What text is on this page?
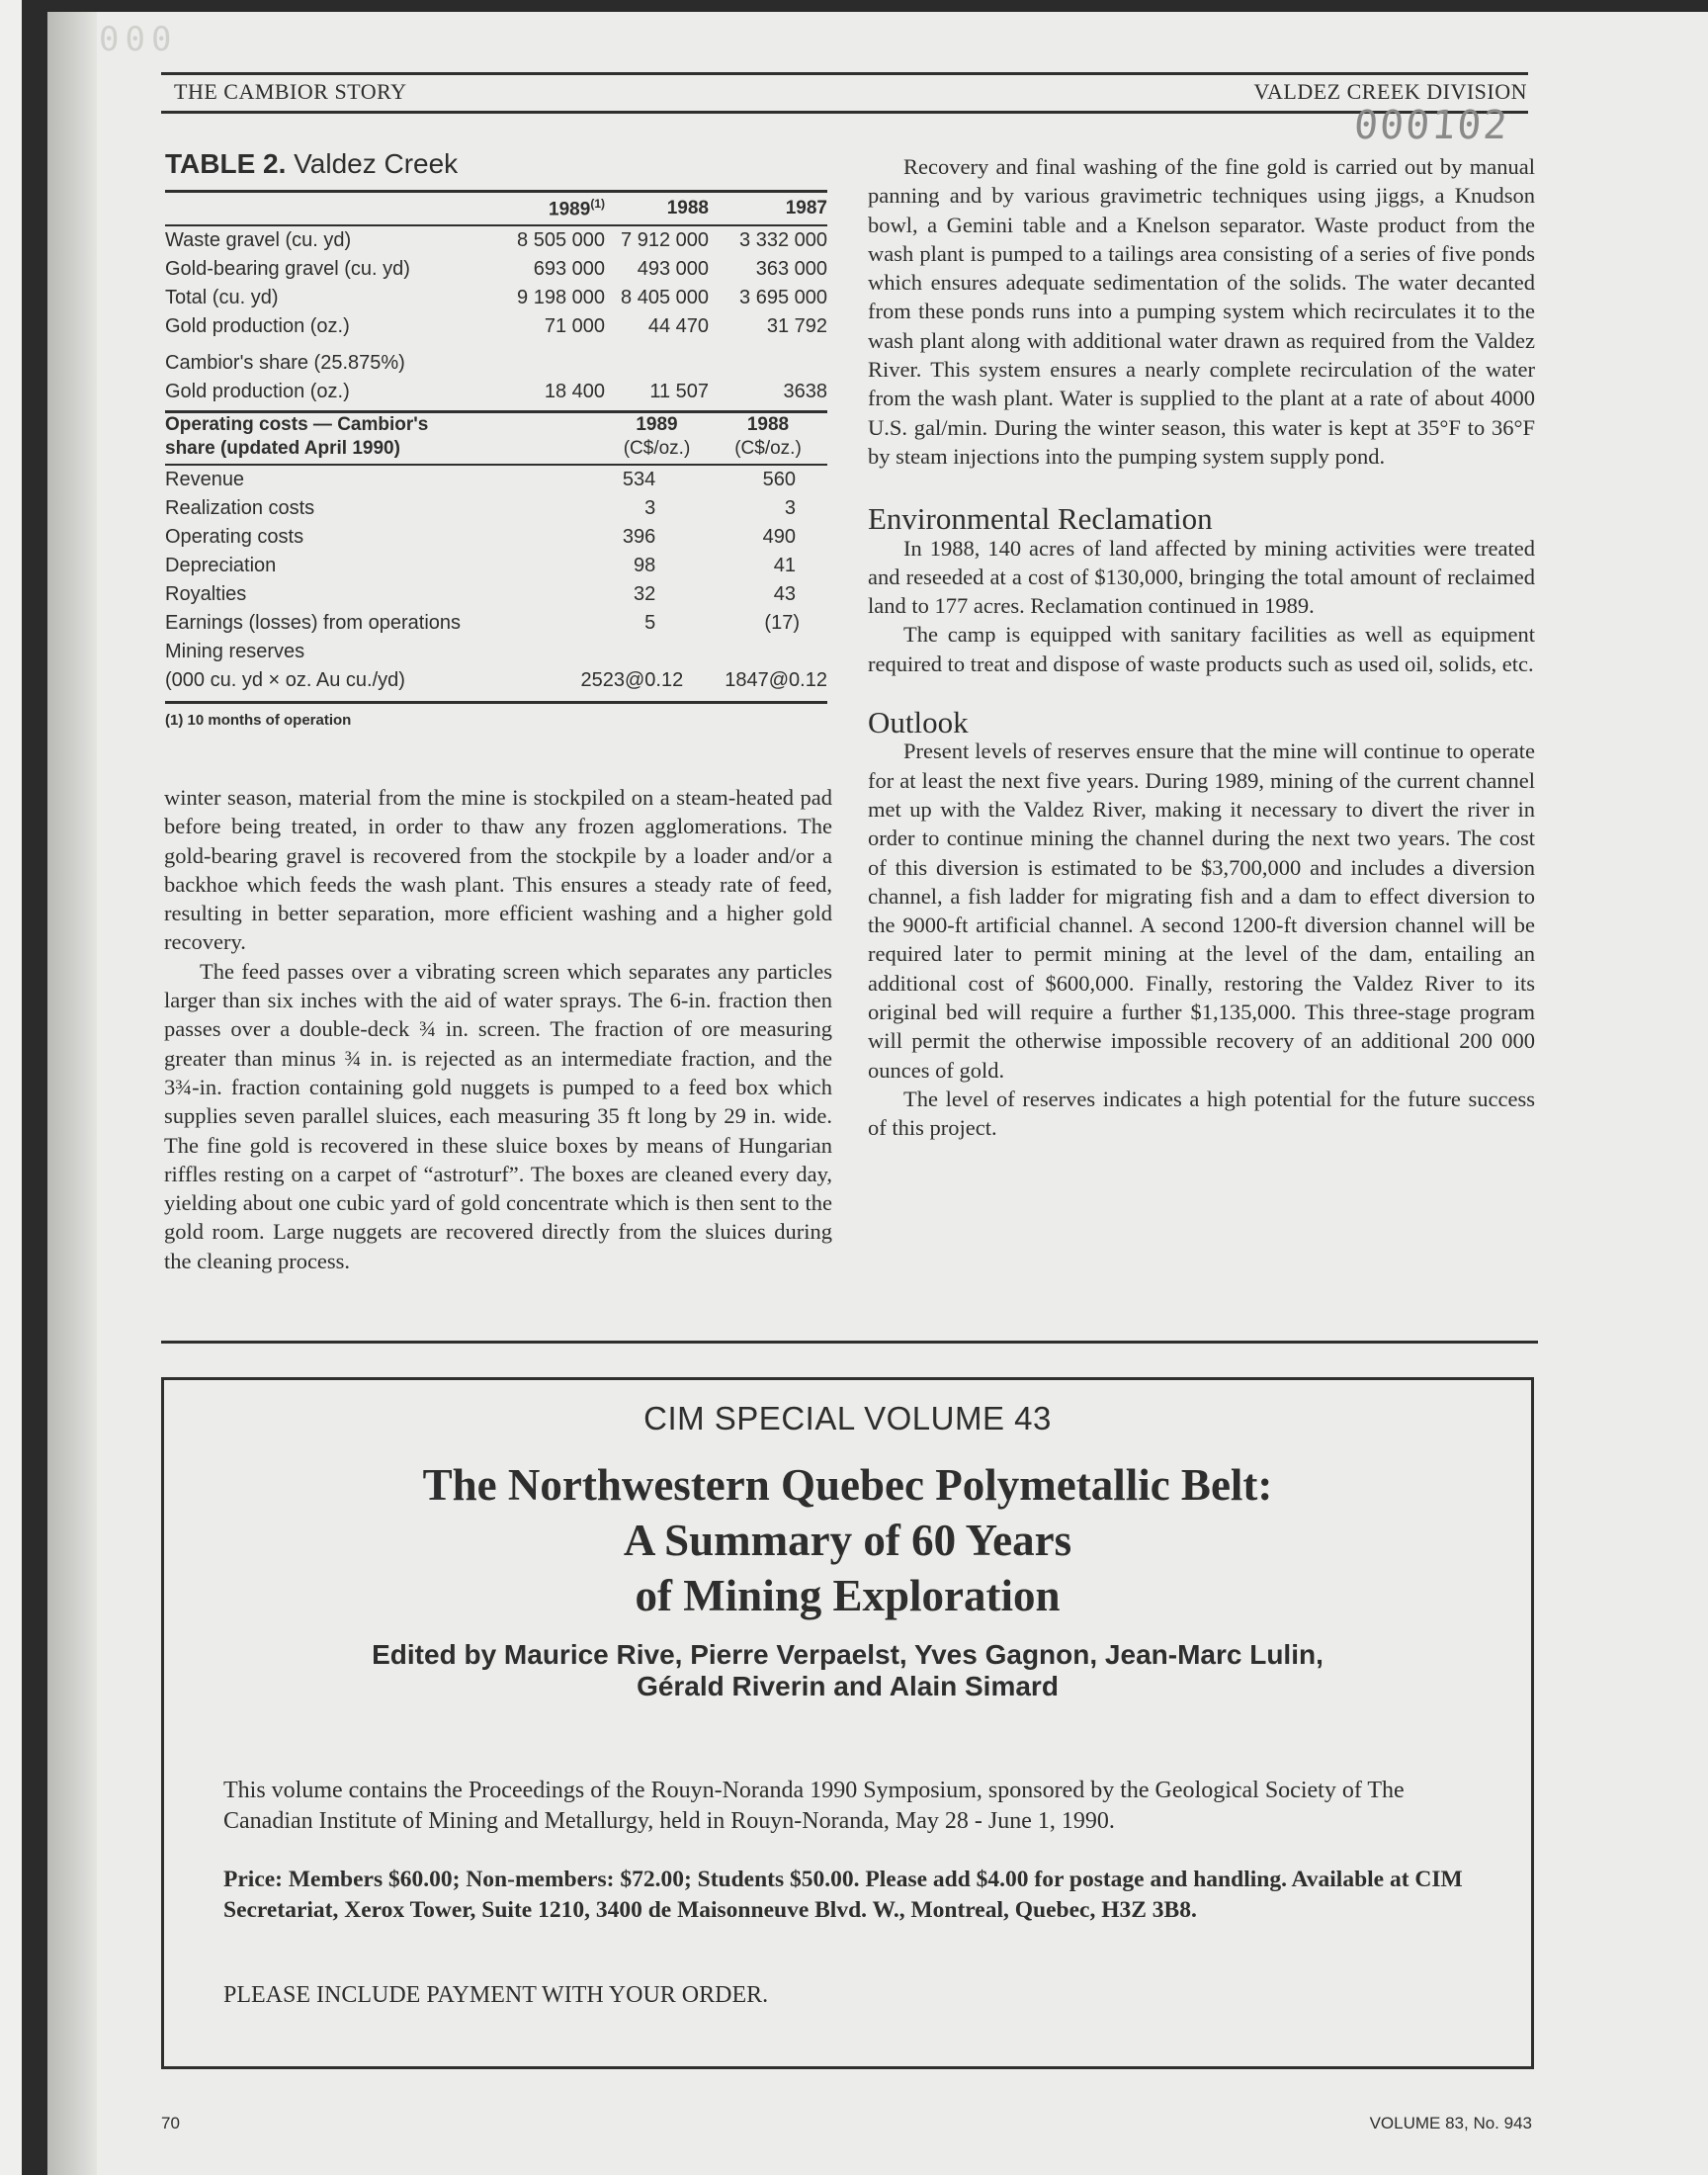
000
THE CAMBIOR STORY	VALDEZ CREEK DIVISION
000102
TABLE 2. Valdez Creek
	1989$^{(1)}$	1988	1987
Waste gravel (cu. yd)	8 505 000	7 912 000	3 332 000
Gold-bearing gravel (cu. yd)	693 000	493 000	363 000
Total (cu. yd)	9 198 000	8 405 000	3 695 000
Gold production (oz.)	71 000	44 470	31 792

Cambior's share (25.875%)			
Gold production (oz.)	18 400	11 507	3638
Operating costs — Cambior's		1989	1988
share (updated April 1990)		(C$/oz.)	(C$/oz.)
Revenue		534	560
Realization costs		3	3
Operating costs		396	490
Depreciation		98	41
Royalties		32	43
Earnings (losses) from operations		5	(17)
Mining reserves			
(000 cu. yd × oz. Au cu./yd)		2523@0.12	1847@0.12
(1) 10 months of operation

winter season, material from the mine is stockpiled on a steam-heated pad before being treated, in order to thaw any frozen agglomerations. The gold-bearing gravel is recovered from the stockpile by a loader and/or a backhoe which feeds the wash plant. This ensures a steady rate of feed, resulting in better separation, more efficient washing and a higher gold recovery.

The feed passes over a vibrating screen which separates any particles larger than six inches with the aid of water sprays. The 6-in. fraction then passes over a double-deck ¾ in. screen. The fraction of ore measuring greater than minus ¾ in. is rejected as an intermediate fraction, and the 3¾-in. fraction containing gold nuggets is pumped to a feed box which supplies seven parallel sluices, each measuring 35 ft long by 29 in. wide. The fine gold is recovered in these sluice boxes by means of Hungarian riffles resting on a carpet of “astroturf”. The boxes are cleaned every day, yielding about one cubic yard of gold concentrate which is then sent to the gold room. Large nuggets are recovered directly from the sluices during the cleaning process.

Recovery and final washing of the fine gold is carried out by manual panning and by various gravimetric techniques using jiggs, a Knudson bowl, a Gemini table and a Knelson separator. Waste product from the wash plant is pumped to a tailings area consisting of a series of five ponds which ensures adequate sedimentation of the solids. The water decanted from these ponds runs into a pumping system which recirculates it to the wash plant along with additional water drawn as required from the Valdez River. This system ensures a nearly complete recirculation of the water from the wash plant. Water is supplied to the plant at a rate of about 4000 U.S. gal/min. During the winter season, this water is kept at 35°F to 36°F by steam injections into the pumping system supply pond.

Environmental Reclamation

In 1988, 140 acres of land affected by mining activities were treated and reseeded at a cost of $130,000, bringing the total amount of reclaimed land to 177 acres. Reclamation continued in 1989.

The camp is equipped with sanitary facilities as well as equipment required to treat and dispose of waste products such as used oil, solids, etc.

Outlook

Present levels of reserves ensure that the mine will continue to operate for at least the next five years. During 1989, mining of the current channel met up with the Valdez River, making it necessary to divert the river in order to continue mining the channel during the next two years. The cost of this diversion is estimated to be $3,700,000 and includes a diversion channel, a fish ladder for migrating fish and a dam to effect diversion to the 9000-ft artificial channel. A second 1200-ft diversion channel will be required later to permit mining at the level of the dam, entailing an additional cost of $600,000. Finally, restoring the Valdez River to its original bed will require a further $1,135,000. This three-stage program will permit the otherwise impossible recovery of an additional 200 000 ounces of gold.

The level of reserves indicates a high potential for the future success of this project.

CIM SPECIAL VOLUME 43
The Northwestern Quebec Polymetallic Belt:
A Summary of 60 Years
of Mining Exploration
Edited by Maurice Rive, Pierre Verpaelst, Yves Gagnon, Jean-Marc Lulin,
Gérald Riverin and Alain Simard
This volume contains the Proceedings of the Rouyn-Noranda 1990 Symposium, sponsored by the Geological Society of The Canadian Institute of Mining and Metallurgy, held in Rouyn-Noranda, May 28 - June 1, 1990.
Price: Members $60.00; Non-members: $72.00; Students $50.00. Please add $4.00 for postage and handling. Available at CIM Secretariat, Xerox Tower, Suite 1210, 3400 de Maisonneuve Blvd. W., Montreal, Quebec, H3Z 3B8.
PLEASE INCLUDE PAYMENT WITH YOUR ORDER.
70	VOLUME 83, No. 943
